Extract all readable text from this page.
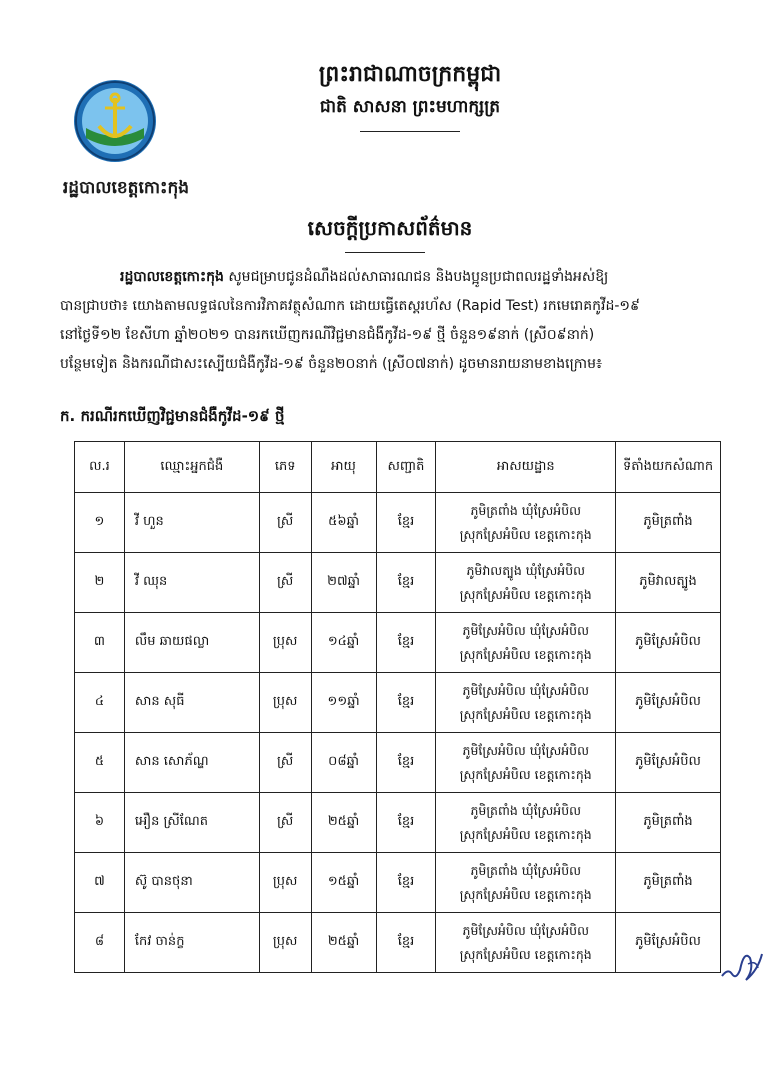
រដ្ឋបាលខេត្តកោះកុង
ព្រះរាជាណាចក្រកម្ពុជា
ជាតិ សាសនា ព្រះមហាក្សត្រ
សេចក្តីប្រកាសព័ត៌មាន
រដ្ឋបាលខេត្តកោះកុង សូមជម្រាបជូនដំណឹងដល់សាធារណជន និងបងប្អូនប្រជាពលរដ្ឋទាំងអស់ឱ្យ
បានជ្រាបថា៖ យោងតាមលទ្ធផលនៃការវិភាគវត្ថុសំណាក ដោយធ្វើតេស្តរហ័ស (Rapid Test) រកមេរោគកូវីដ-១៩
នៅថ្ងៃទី១២ ខែសីហា ឆ្នាំ២០២១ បានរកឃើញករណីវិជ្ជមានជំងឺកូវីដ-១៩ ថ្មី ចំនួន១៩នាក់ (ស្រី០៩នាក់)
បន្ថែមទៀត និងករណីជាសះស្បើយជំងឺកូវីដ-១៩ ចំនួន២០នាក់ (ស្រី០៧នាក់) ដូចមានរាយនាមខាងក្រោម៖
ក. ករណីរកឃើញវិជ្ជមានជំងឺកូវីដ-១៩ ថ្មី
ល.រ	ឈ្មោះអ្នកជំងឺ	ភេទ	អាយុ	សញ្ជាតិ	អាសយដ្ឋាន	ទីតាំងយកសំណាក
១	វី ហួន	ស្រី	៥៦ឆ្នាំ	ខ្មែរ	ភូមិត្រពាំង ឃុំស្រែអំបិល
ស្រុកស្រែអំបិល ខេត្តកោះកុង	ភូមិត្រពាំង
២	វី ឈុន	ស្រី	២៧ឆ្នាំ	ខ្មែរ	ភូមិវាលត្បូង ឃុំស្រែអំបិល
ស្រុកស្រែអំបិល ខេត្តកោះកុង	ភូមិវាលត្បូង
៣	លឹម ឆាយផល្លា	ប្រុស	១៤ឆ្នាំ	ខ្មែរ	ភូមិស្រែអំបិល ឃុំស្រែអំបិល
ស្រុកស្រែអំបិល ខេត្តកោះកុង	ភូមិស្រែអំបិល
៤	សាន សុធី	ប្រុស	១១ឆ្នាំ	ខ្មែរ	ភូមិស្រែអំបិល ឃុំស្រែអំបិល
ស្រុកស្រែអំបិល ខេត្តកោះកុង	ភូមិស្រែអំបិល
៥	សាន សោភ័ណ្ឌ	ស្រី	០៨ឆ្នាំ	ខ្មែរ	ភូមិស្រែអំបិល ឃុំស្រែអំបិល
ស្រុកស្រែអំបិល ខេត្តកោះកុង	ភូមិស្រែអំបិល
៦	អឿន ស្រីណែត	ស្រី	២៥ឆ្នាំ	ខ្មែរ	ភូមិត្រពាំង ឃុំស្រែអំបិល
ស្រុកស្រែអំបិល ខេត្តកោះកុង	ភូមិត្រពាំង
៧	ស៊ូ បានថុនា	ប្រុស	១៥ឆ្នាំ	ខ្មែរ	ភូមិត្រពាំង ឃុំស្រែអំបិល
ស្រុកស្រែអំបិល ខេត្តកោះកុង	ភូមិត្រពាំង
៨	កែវ ចាន់ក្ខ	ប្រុស	២៥ឆ្នាំ	ខ្មែរ	ភូមិស្រែអំបិល ឃុំស្រែអំបិល
ស្រុកស្រែអំបិល ខេត្តកោះកុង	ភូមិស្រែអំបិល
